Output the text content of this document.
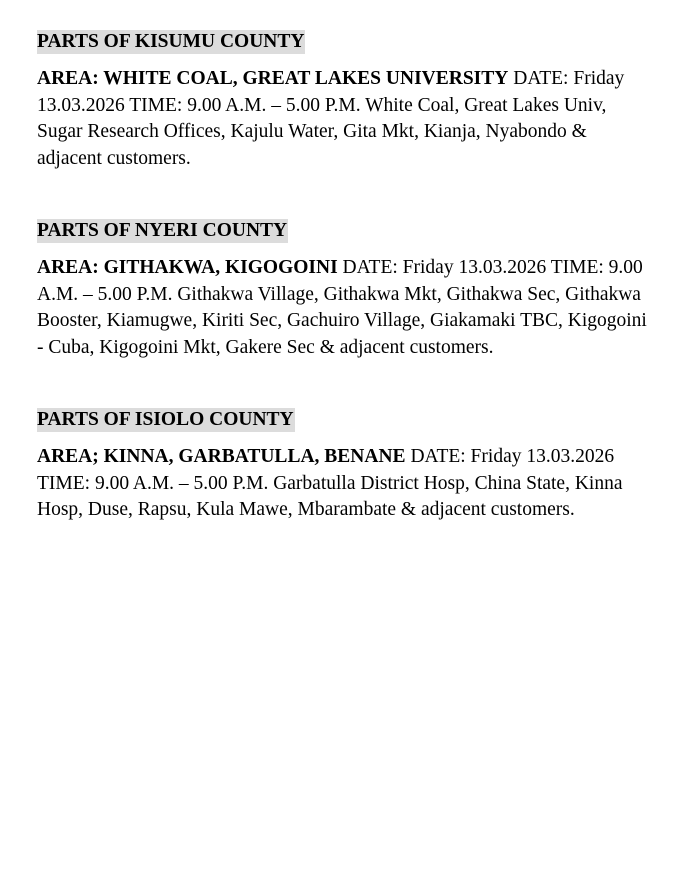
PARTS OF KISUMU COUNTY

AREA: WHITE COAL, GREAT LAKES UNIVERSITY DATE: Friday 13.03.2026 TIME: 9.00 A.M. – 5.00 P.M. White Coal, Great Lakes Univ, Sugar Research Offices, Kajulu Water, Gita Mkt, Kianja, Nyabondo & adjacent customers.

PARTS OF NYERI COUNTY

AREA: GITHAKWA, KIGOGOINI DATE: Friday 13.03.2026 TIME: 9.00 A.M. – 5.00 P.M. Githakwa Village, Githakwa Mkt, Githakwa Sec, Githakwa Booster, Kiamugwe, Kiriti Sec, Gachuiro Village, Giakamaki TBC, Kigogoini - Cuba, Kigogoini Mkt, Gakere Sec & adjacent customers.

PARTS OF ISIOLO COUNTY

AREA; KINNA, GARBATULLA, BENANE DATE: Friday 13.03.2026 TIME: 9.00 A.M. – 5.00 P.M. Garbatulla District Hosp, China State, Kinna Hosp, Duse, Rapsu, Kula Mawe, Mbarambate & adjacent customers.
